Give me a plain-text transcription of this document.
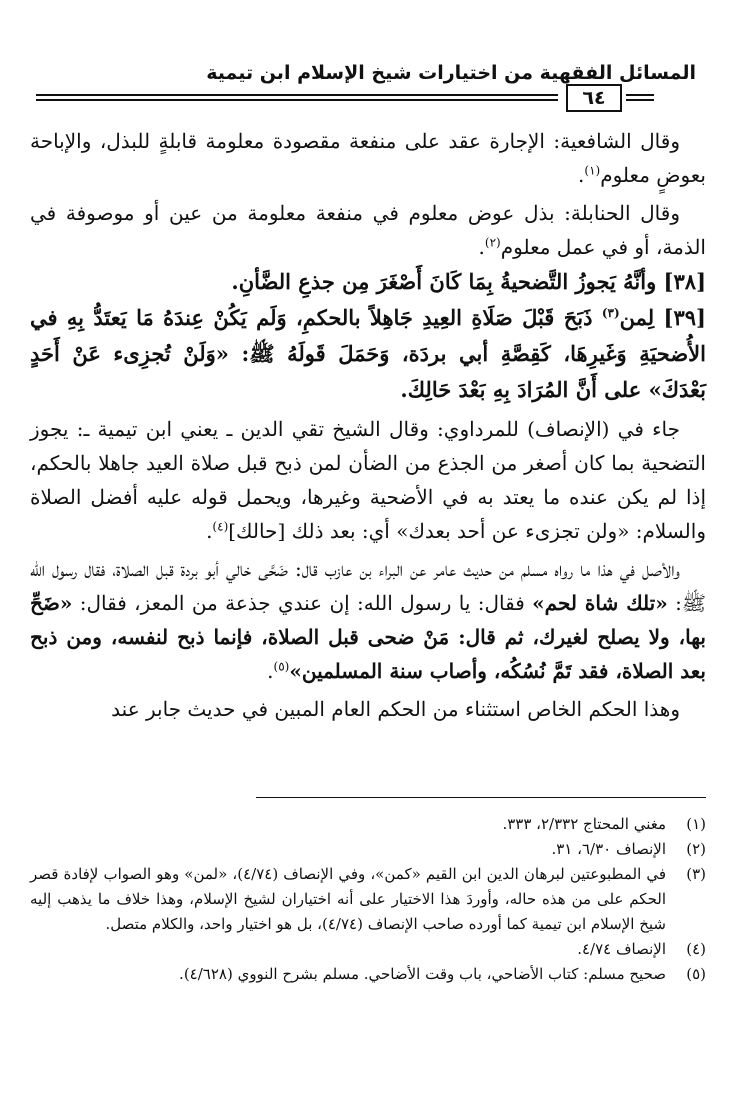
المسائل الفقهية من اختيارات شيخ الإسلام ابن تيمية
٦٤

وقال الشافعية: الإجارة عقد على منفعة مقصودة معلومة قابلةٍ للبذل، والإباحة بعوضٍ معلوم$^{(١)}$.

وقال الحنابلة: بذل عوض معلوم في منفعة معلومة من عين أو موصوفة في الذمة، أو في عمل معلوم$^{(٢)}$.

[٣٨] وأنَّهُ يَجوزُ التَّضحيةُ بِمَا كَانَ أَصْغَرَ مِن جذعِ الضَّأنِ.

[٣٩] لِمن$^{(٣)}$ ذَبَحَ قَبْلَ صَلَاةِ العِيدِ جَاهِلاً بالحكمِ، وَلَم يَكُنْ عِندَهُ مَا يَعتَدُّ بِهِ في الأُضحيَةِ وَغَيرِهَا، كَقِصَّةِ أبي بردَة، وَحَمَلَ قَولَهُ ﷺ: «وَلَنْ تُجزِىء عَنْ أَحَدٍ بَعْدَكَ» على أَنَّ المُرَادَ بِهِ بَعْدَ حَالِكَ.

جاء في (الإنصاف) للمرداوي: وقال الشيخ تقي الدين ـ يعني ابن تيمية ـ: يجوز التضحية بما كان أصغر من الجذع من الضأن لمن ذبح قبل صلاة العيد جاهلا بالحكم، إذا لم يكن عنده ما يعتد به في الأضحية وغيرها، ويحمل قوله عليه أفضل الصلاة والسلام: «ولن تجزىء عن أحد بعدك» أي: بعد ذلك [حالك]$^{(٤)}$.

والأصل في هذا ما رواه مسلم من حديث عامر عن البراء بن عازب قال: ضَحَّى خالي أبو بردة قبل الصلاة، فقال رسول الله ﷺ: «تلك شاة لحم» فقال: يا رسول الله: إن عندي جذعة من المعز، فقال: «ضَحِّ بها، ولا يصلح لغيرك، ثم قال: مَنْ ضحى قبل الصلاة، فإنما ذبح لنفسه، ومن ذبح بعد الصلاة، فقد تَمَّ نُسُكُه، وأصاب سنة المسلمين»$^{(٥)}$.

وهذا الحكم الخاص استثناء من الحكم العام المبين في حديث جابر عند

(١)
مغني المحتاج ٢/٣٣٢، ٣٣٣.

(٢)
الإنصاف ٦/٣٠، ٣١.

(٣)
في المطبوعتين لبرهان الدين ابن القيم «كمن»، وفي الإنصاف (٤/٧٤)، «لمن» وهو الصواب لإفادة قصر الحكم على من هذه حاله، وأوردَ هذا الاختيار على أنه اختياران لشيخ الإسلام، وهذا خلاف ما يذهب إليه شيخ الإسلام ابن تيمية كما أورده صاحب الإنصاف (٤/٧٤)، بل هو اختيار واحد، والكلام متصل.

(٤)
الإنصاف ٤/٧٤.

(٥)
صحيح مسلم: كتاب الأضاحي، باب وقت الأضاحي. مسلم بشرح النووي (٤/٦٢٨).
